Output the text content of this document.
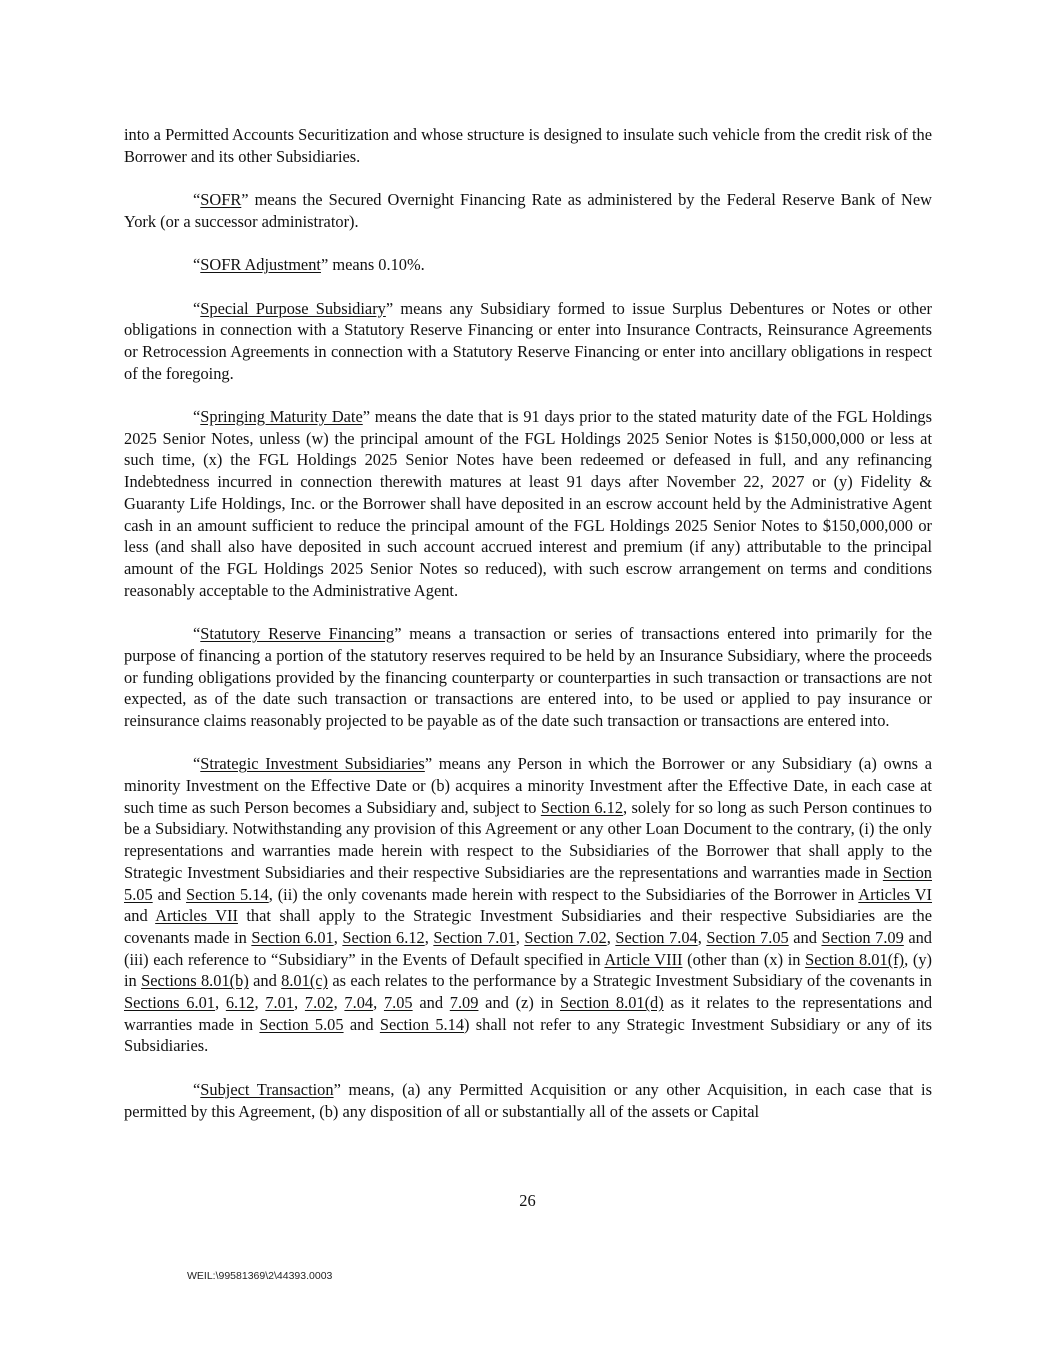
into a Permitted Accounts Securitization and whose structure is designed to insulate such vehicle from the credit risk of the Borrower and its other Subsidiaries.

“SOFR” means the Secured Overnight Financing Rate as administered by the Federal Reserve Bank of New York (or a successor administrator).

“SOFR Adjustment” means 0.10%.

“Special Purpose Subsidiary” means any Subsidiary formed to issue Surplus Debentures or Notes or other obligations in connection with a Statutory Reserve Financing or enter into Insurance Contracts, Reinsurance Agreements or Retrocession Agreements in connection with a Statutory Reserve Financing or enter into ancillary obligations in respect of the foregoing.

“Springing Maturity Date” means the date that is 91 days prior to the stated maturity date of the FGL Holdings 2025 Senior Notes, unless (w) the principal amount of the FGL Holdings 2025 Senior Notes is $150,000,000 or less at such time, (x) the FGL Holdings 2025 Senior Notes have been redeemed or defeased in full, and any refinancing Indebtedness incurred in connection therewith matures at least 91 days after November 22, 2027 or (y) Fidelity & Guaranty Life Holdings, Inc. or the Borrower shall have deposited in an escrow account held by the Administrative Agent cash in an amount sufficient to reduce the principal amount of the FGL Holdings 2025 Senior Notes to $150,000,000 or less (and shall also have deposited in such account accrued interest and premium (if any) attributable to the principal amount of the FGL Holdings 2025 Senior Notes so reduced), with such escrow arrangement on terms and conditions reasonably acceptable to the Administrative Agent.

“Statutory Reserve Financing” means a transaction or series of transactions entered into primarily for the purpose of financing a portion of the statutory reserves required to be held by an Insurance Subsidiary, where the proceeds or funding obligations provided by the financing counterparty or counterparties in such transaction or transactions are not expected, as of the date such transaction or transactions are entered into, to be used or applied to pay insurance or reinsurance claims reasonably projected to be payable as of the date such transaction or transactions are entered into.

“Strategic Investment Subsidiaries” means any Person in which the Borrower or any Subsidiary (a) owns a minority Investment on the Effective Date or (b) acquires a minority Investment after the Effective Date, in each case at such time as such Person becomes a Subsidiary and, subject to Section 6.12, solely for so long as such Person continues to be a Subsidiary. Notwithstanding any provision of this Agreement or any other Loan Document to the contrary, (i) the only representations and warranties made herein with respect to the Subsidiaries of the Borrower that shall apply to the Strategic Investment Subsidiaries and their respective Subsidiaries are the representations and warranties made in Section 5.05 and Section 5.14, (ii) the only covenants made herein with respect to the Subsidiaries of the Borrower in Articles VI and Articles VII that shall apply to the Strategic Investment Subsidiaries and their respective Subsidiaries are the covenants made in Section 6.01, Section 6.12, Section 7.01, Section 7.02, Section 7.04, Section 7.05 and Section 7.09 and (iii) each reference to “Subsidiary” in the Events of Default specified in Article VIII (other than (x) in Section 8.01(f), (y) in Sections 8.01(b) and 8.01(c) as each relates to the performance by a Strategic Investment Subsidiary of the covenants in Sections 6.01, 6.12, 7.01, 7.02, 7.04, 7.05 and 7.09 and (z) in Section 8.01(d) as it relates to the representations and warranties made in Section 5.05 and Section 5.14) shall not refer to any Strategic Investment Subsidiary or any of its Subsidiaries.

“Subject Transaction” means, (a) any Permitted Acquisition or any other Acquisition, in each case that is permitted by this Agreement, (b) any disposition of all or substantially all of the assets or Capital

26
WEIL:\99581369\2\44393.0003
